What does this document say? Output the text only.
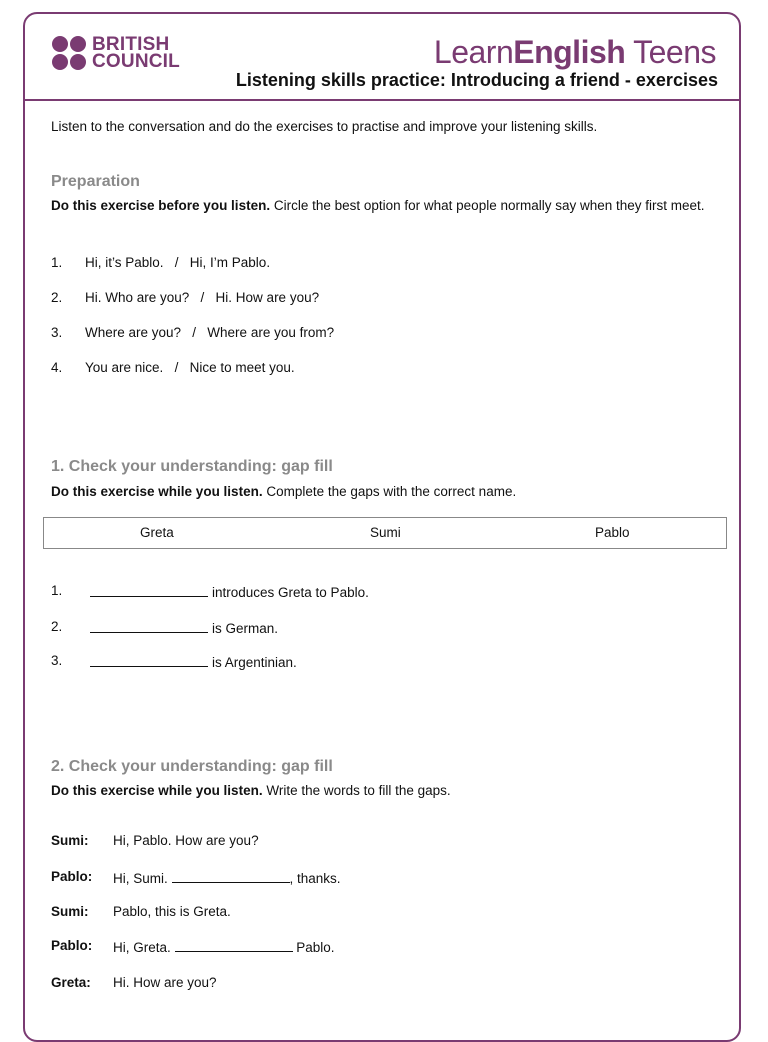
BRITISH
COUNCIL	LearnEnglish Teens
Listening skills practice: Introducing a friend - exercises
Listen to the conversation and do the exercises to practise and improve your listening skills.
Preparation
Do this exercise before you listen. Circle the best option for what people normally say when they first meet.
1. Hi, it’s Pablo.   /   Hi, I’m Pablo.
2. Hi. Who are you?   /   Hi. How are you?
3. Where are you?   /   Where are you from?
4. You are nice.   /   Nice to meet you.
1. Check your understanding: gap fill
Do this exercise while you listen. Complete the gaps with the correct name.
1.	introduces Greta to Pablo.
2.	is German.
3.	is Argentinian.
2. Check your understanding: gap fill
Do this exercise while you listen. Write the words to fill the gaps.
Sumi: Hi, Pablo. How are you?
Pablo: Hi, Sumi.	, thanks.
Sumi: Pablo, this is Greta.
Pablo: Hi, Greta.	Pablo.
Greta: Hi. How are you?
Greta	Sumi	Pablo
